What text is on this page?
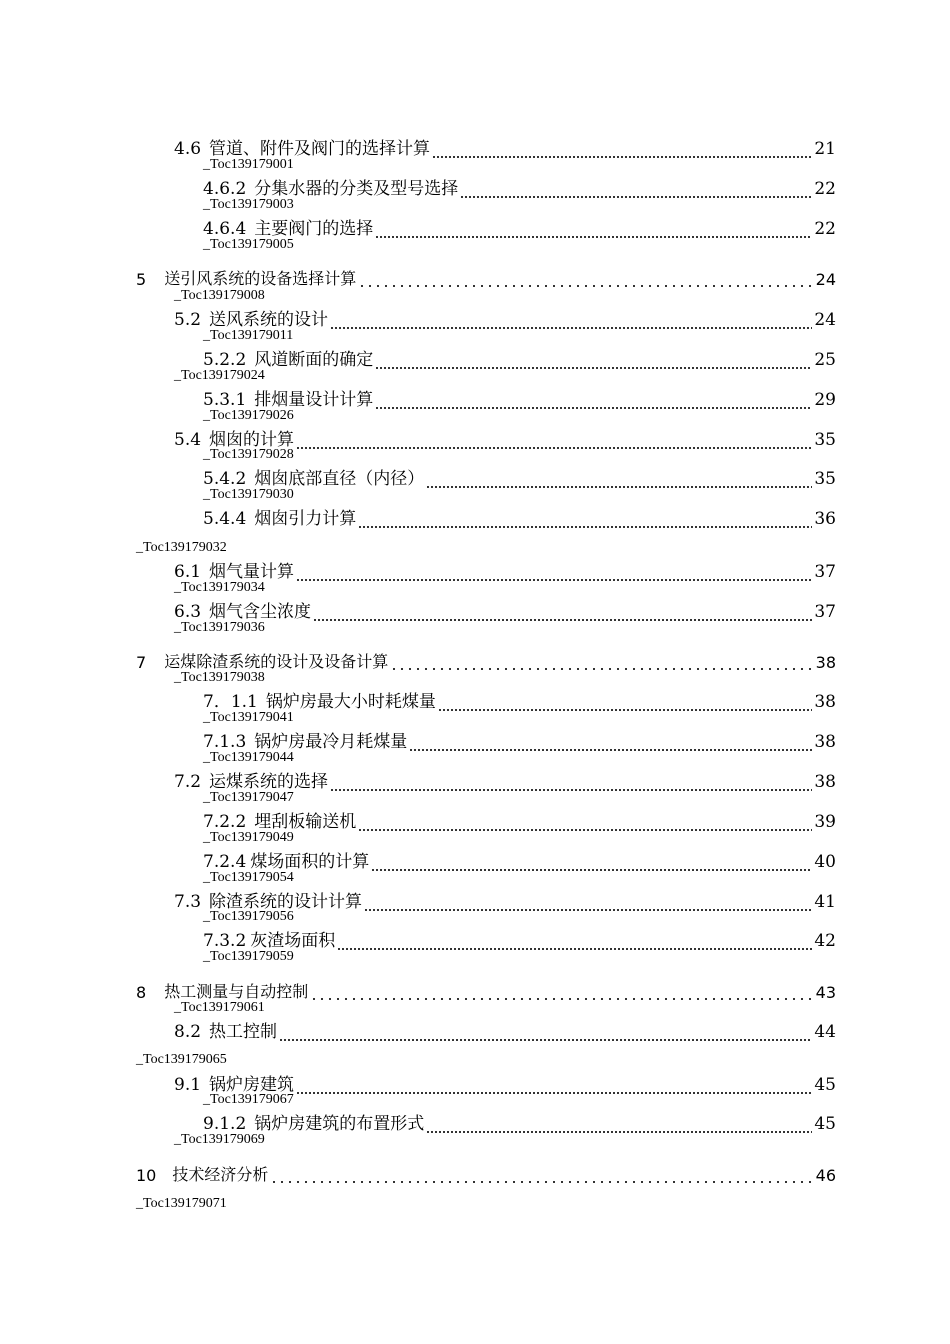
4.6 管道、附件及阀门的选择计算	21
_Toc139179001
4.6.2 分集水器的分类及型号选择	22
_Toc139179003
4.6.4 主要阀门的选择	22
_Toc139179005
5 送引风系统的设备选择计算	24
_Toc139179008
5.2 送风系统的设计	24
_Toc139179011
5.2.2 风道断面的确定	25
_Toc139179024
5.3.1 排烟量设计计算	29
_Toc139179026
5.4 烟囱的计算	35
_Toc139179028
5.4.2 烟囱底部直径（内径）	35
_Toc139179030
5.4.4 烟囱引力计算	36
_Toc139179032
6.1 烟气量计算	37
_Toc139179034
6.3 烟气含尘浓度	37
_Toc139179036
7 运煤除渣系统的设计及设备计算	38
_Toc139179038
7．1.1 锅炉房最大小时耗煤量	38
_Toc139179041
7.1.3 锅炉房最冷月耗煤量	38
_Toc139179044
7.2 运煤系统的选择	38
_Toc139179047
7.2.2 埋刮板输送机	39
_Toc139179049
7.2.4 煤场面积的计算	40
_Toc139179054
7.3 除渣系统的设计计算	41
_Toc139179056
7.3.2 灰渣场面积	42
_Toc139179059
8 热工测量与自动控制	43
_Toc139179061
8.2 热工控制	44
_Toc139179065
9.1 锅炉房建筑	45
_Toc139179067
9.1.2 锅炉房建筑的布置形式	45
_Toc139179069
10 技术经济分析	46
_Toc139179071
